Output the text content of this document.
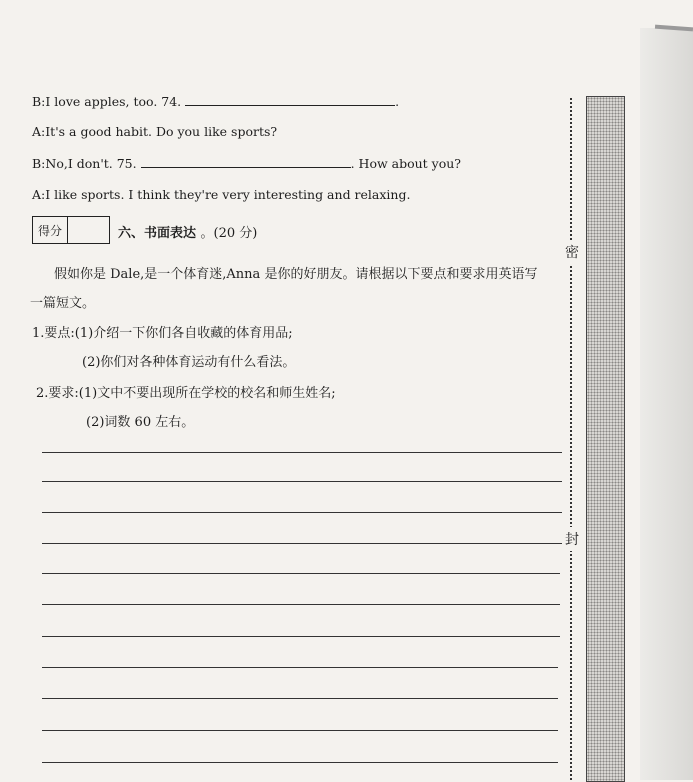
B:I love apples, too. 74.	.
A:It's a good habit. Do you like sports?
B:No,I don't. 75.	. How about you?
A:I like sports. I think they're very interesting and relaxing.
得分	六、书面表达 。(20 分)
假如你是 Dale,是一个体育迷,Anna 是你的好朋友。请根据以下要点和要求用英语写
一篇短文。
1.要点:(1)介绍一下你们各自收藏的体育用品;
(2)你们对各种体育运动有什么看法。
2.要求:(1)文中不要出现所在学校的校名和师生姓名;
(2)词数 60 左右。
密
封
